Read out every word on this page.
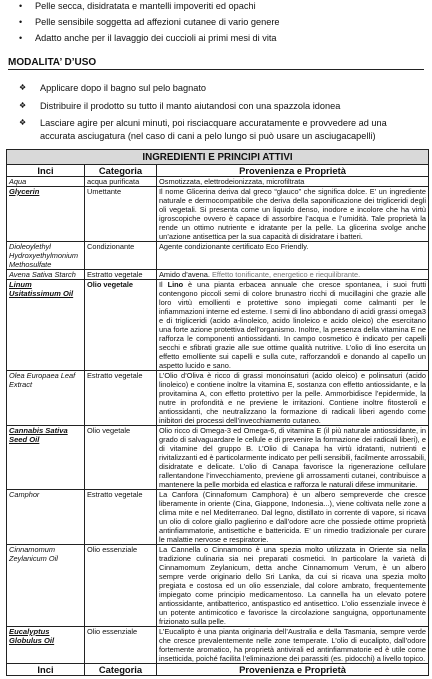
• Pelle secca, disidratata e mantelli impoveriti ed opachi
• Pelle sensibile soggetta ad affezioni cutanee di vario genere
• Adatto anche per il lavaggio dei cuccioli ai primi mesi di vita
MODALITA’ D’USO
❖ Applicare dopo il bagno sul pelo bagnato
❖ Distribuire il prodotto su tutto il manto aiutandosi con una spazzola idonea
❖ Lasciare agire per alcuni minuti, poi risciacquare accuratamente e provvedere ad una accurata asciugatura (nel caso di cani a pelo lungo si può usare un asciugacapelli)
INGREDIENTI E PRINCIPI ATTIVI		
Inci	Categoria	Provenienza e Proprietà
Aqua	acqua purificata	Osmotizzata, elettrodeionizzata, microfiltrata
Glycerin	Umettante	Il nome Glicerina deriva dal greco “glauco” che significa dolce. E’ un ingrediente naturale e dermocompatibile che deriva della saponificazione dei trigliceridi degli oli vegetali. Si presenta come un liquido denso, inodore e incolore che ha virtù igroscopiche ovvero è capace di assorbire l’acqua e l’umidità. Tale proprietà la rende un ottimo nutriente e idratante per la pelle. La glicerina svolge anche un’azione antisettica per la sua capacità di disidratare i batteri.
Dioleoylethyl Hydroxyethylmonium Methosulfate	Condizionante	Agente condizionante certificato Eco Friendly.
Avena Sativa Starch	Estratto vegetale	Amido d’avena. Effetto tonificante, energetico e riequilibrante.
Linum Usitatissimum Oil	Olio vegetale	Il Lino è una pianta erbacea annuale che cresce spontanea, i suoi frutti contengono piccoli semi di colore brunastro ricchi di mucillagini che grazie alle loro virtù emollienti e protettive sono impiegati come calmanti per le infiammazioni interne ed esterne. I semi di lino abbondano di acidi grassi omega3 e di trigliceridi (acido a-linoleico, acido linoleico e acido oleico) che esercitano una forte azione protettiva dell’organismo. Inoltre, la presenza della vitamina E ne rafforza le componenti antiossidanti. In campo cosmetico è indicato per capelli secchi e sfibrati grazie alle sue ottime qualità nutritive. L’olio di lino esercita un effetto emolliente sui capelli e sulla cute, rafforzandoli e donando al capello un aspetto lucido e sano.
Olea Europaea Leaf Extract	Estratto vegetale	L’Olio d’Oliva è ricco di grassi monoinsaturi (acido oleico) e polinsaturi (acido linoleico) e contiene inoltre la vitamina E, sostanza con effetto antiossidante, e la provitamina A, con effetto protettivo per la pelle. Ammorbidisce l’epidermide, la nutre in profondità e ne previene le irritazioni. Contiene inoltre fitosteroli e antiossidanti, che neutralizzano la formazione di radicali liberi agendo come inibitori dei processi dell’invecchiamento cutaneo.
Cannabis Sativa Seed Oil	Olio vegetale	Olio ricco di Omega-3 ed Omega-6, di vitamina E (il più naturale antiossidante, in grado di salvaguardare le cellule e di prevenire la formazione dei radicali liberi), e di vitamine del gruppo B. L’Olio di Canapa ha virtù idratanti, nutrienti e rivitalizzanti ed è particolarmente indicato per pelli sensibili, facilmente arrossabili, disidratate e delicate. L’olio di Canapa favorisce la rigenerazione cellulare rallentandone l’invecchiamento, previene gli arrossamenti cutanei, contribuisce a mantenere la pelle morbida ed elastica e rafforza le naturali difese immunitarie.
Camphor	Estratto vegetale	La Canfora (Cinnafomum Camphora) è un albero sempreverde che cresce liberamente in oriente (Cina, Giappone, Indonesia...), viene coltivata nelle zone a clima mite e nel Mediterraneo. Dal legno, distillato in corrente di vapore, si ricava un olio di colore giallo paglierino e dall’odore acre che possiede ottime proprietà antinfiammatorie, antisettiche e battericida. E’ un rimedio tradizionale per curare le malattie nervose e respiratorie.
Cinnamomum Zeylanicum Oil	Olio essenziale	La Cannella o Cinnamomo è una spezia molto utilizzata in Oriente sia nella tradizione culinaria sia nei preparati cosmetici. In particolare la varietà di Cinnamomum Zeylanicum, detta anche Cinnamomum Verum, è un albero sempre verde originario dello Sri Lanka, da cui si ricava una spezia molto pregiata e costosa ed un olio essenziale, dal colore ambrato, frequentemente impiegato come principio medicamentoso. La cannella ha un elevato potere antiossidante, antibatterico, antispastico ed antisettico. L’olio essenziale invece è un potente antimicotico e favorisce la circolazione sanguigna, opportunamente frizionato sulla pelle.
Eucalyptus Globulus Oil	Olio essenziale	L’Eucalipto è una pianta originaria dell’Australia e della Tasmania, sempre verde che cresce prevalentemente nelle zone temperate. L’olio di eucalipto, dall’odore fortemente aromatico, ha proprietà antivirali ed antinfiammatorie ed è utile come insetticida, poiché facilita l’eliminazione dei parassiti (es. pidocchi) a livello topico.
Inci	Categoria	Provenienza e Proprietà
